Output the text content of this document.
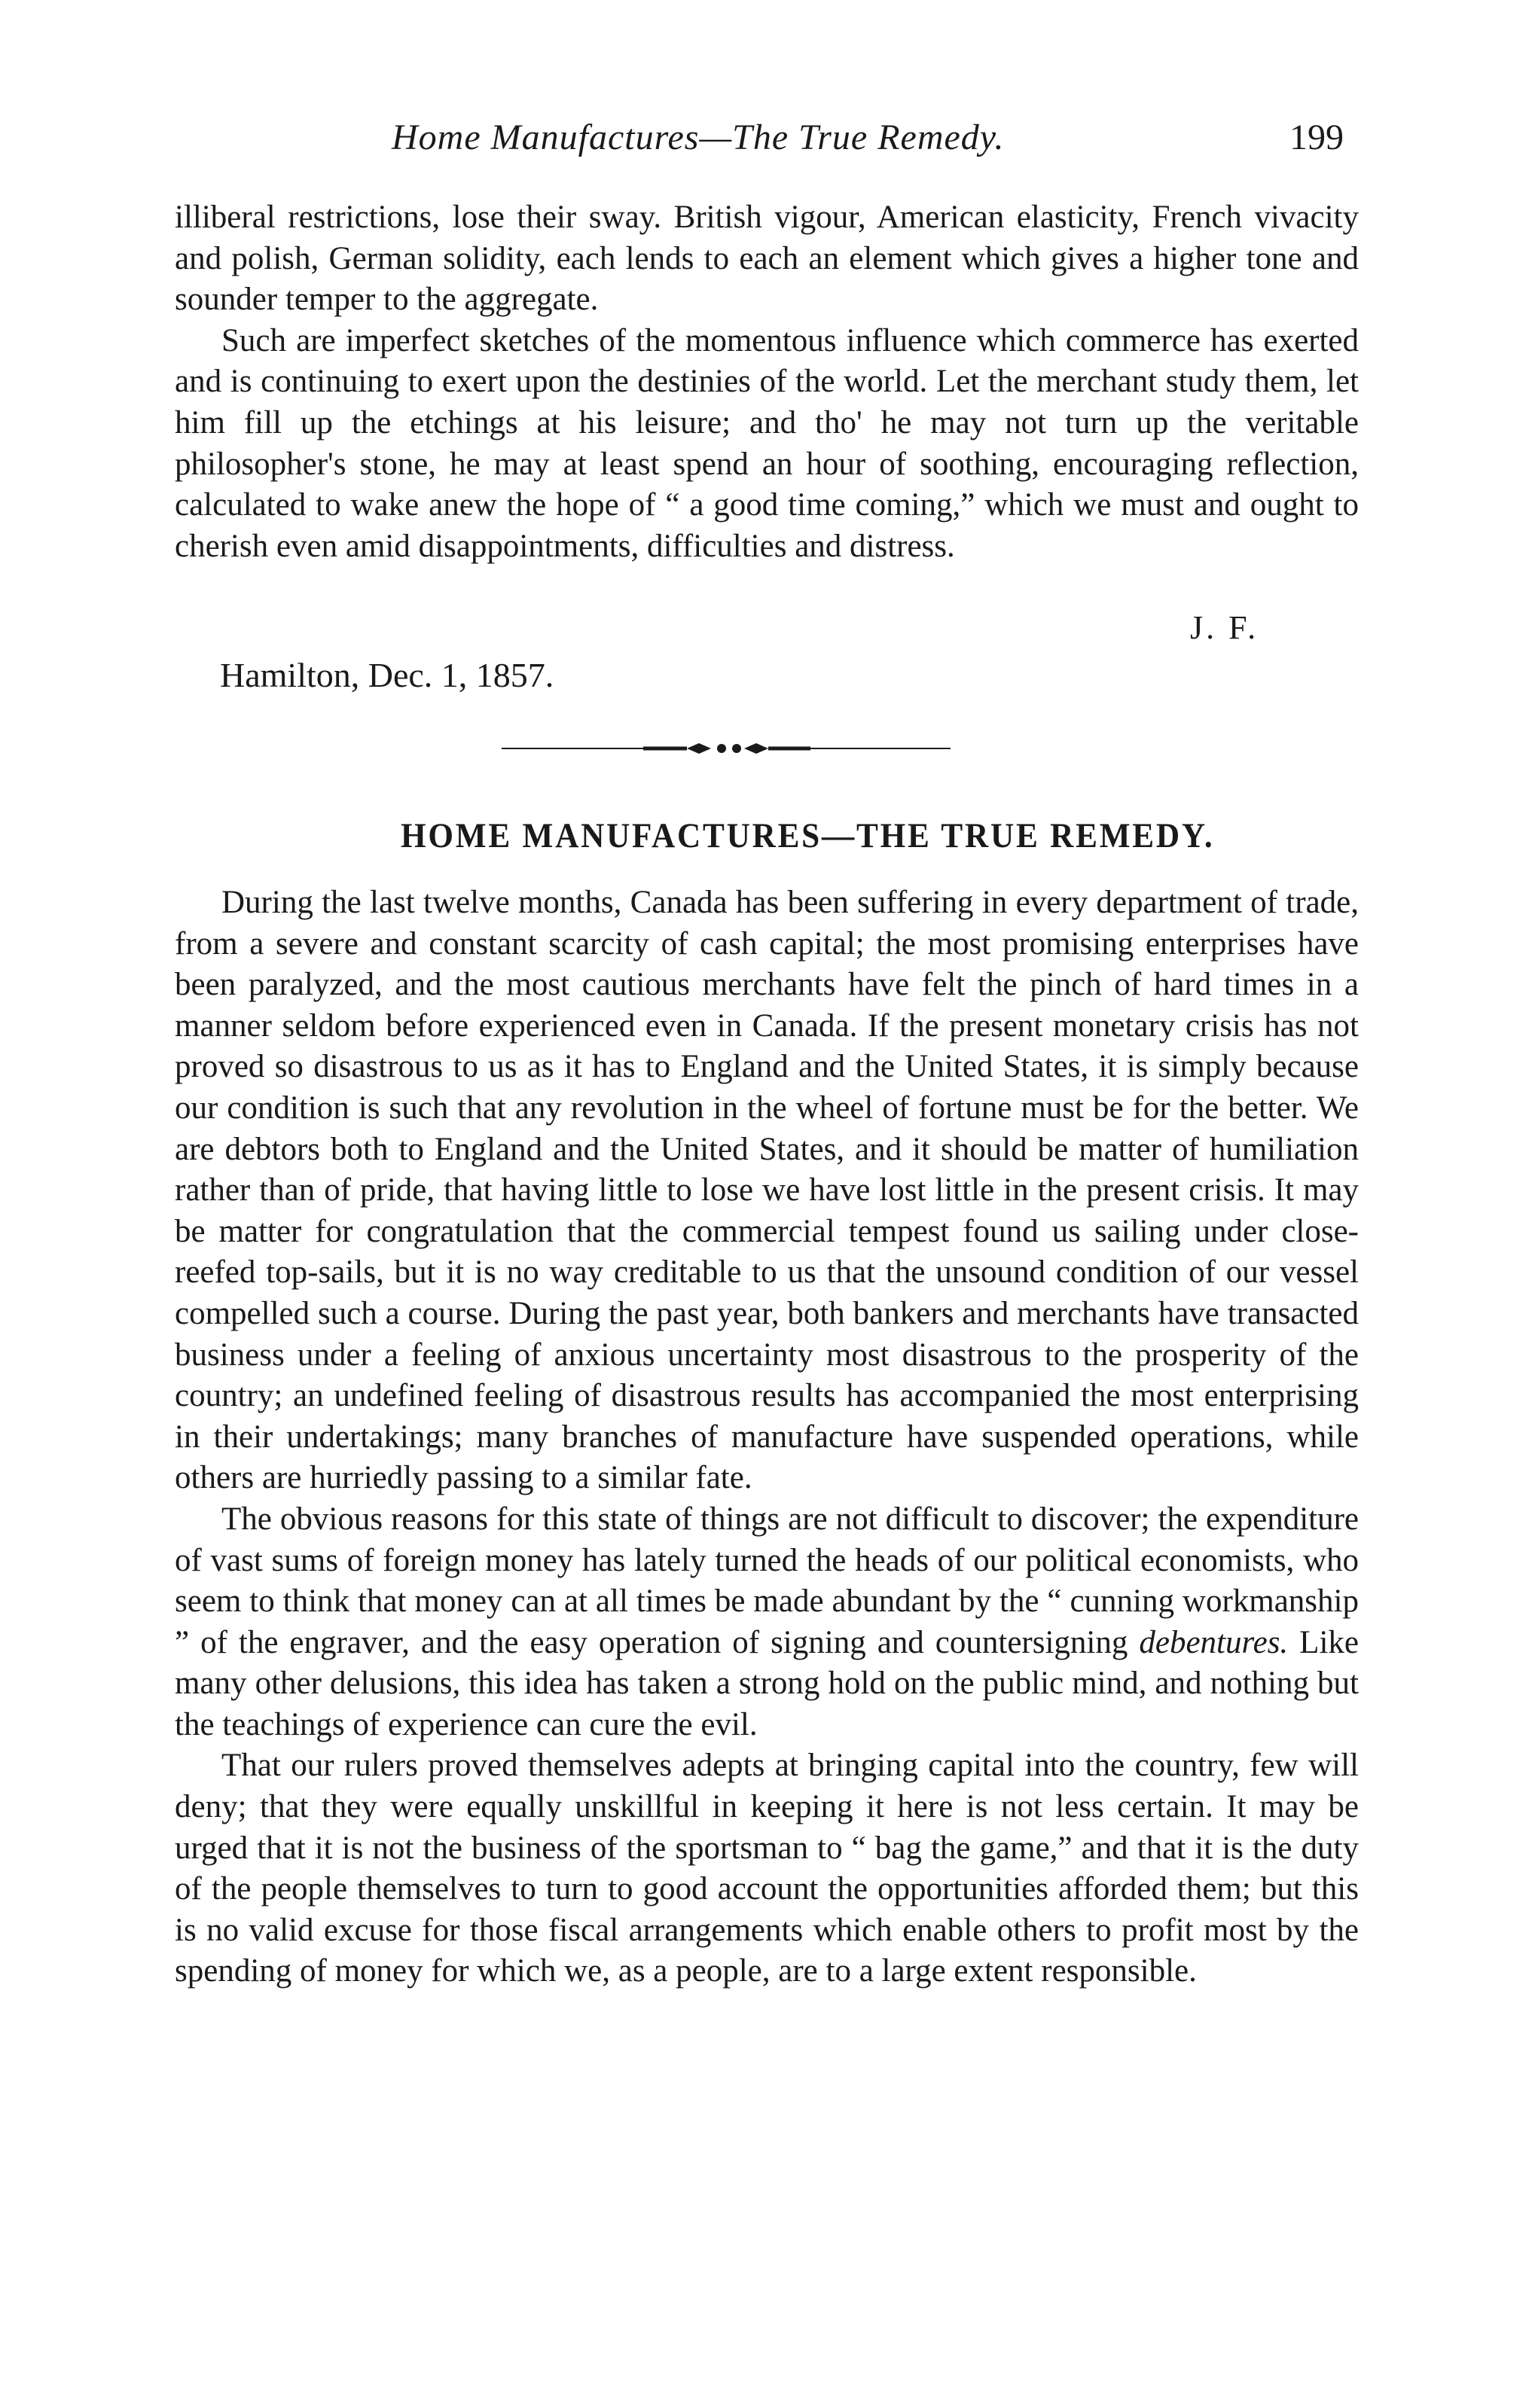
Home Manufactures—The True Remedy.	199

illiberal restrictions, lose their sway. British vigour, American elasticity, French vivacity and polish, German solidity, each lends to each an element which gives a higher tone and sounder temper to the aggregate.

Such are imperfect sketches of the momentous influence which commerce has exerted and is continuing to exert upon the destinies of the world. Let the merchant study them, let him fill up the etchings at his leisure; and tho' he may not turn up the veritable philosopher's stone, he may at least spend an hour of soothing, encouraging reflection, calculated to wake anew the hope of “ a good time coming,” which we must and ought to cherish even amid disappointments, difficulties and distress.

J. F.
Hamilton, Dec. 1, 1857.
HOME MANUFACTURES—THE TRUE REMEDY.

During the last twelve months, Canada has been suffering in every department of trade, from a severe and constant scarcity of cash capital; the most promising enterprises have been paralyzed, and the most cautious merchants have felt the pinch of hard times in a manner seldom before experienced even in Canada. If the present monetary crisis has not proved so disastrous to us as it has to England and the United States, it is simply because our condition is such that any revolution in the wheel of fortune must be for the better. We are debtors both to England and the United States, and it should be matter of humiliation rather than of pride, that having little to lose we have lost little in the present crisis. It may be matter for congratulation that the commercial tempest found us sailing under close-reefed top-sails, but it is no way creditable to us that the unsound condition of our vessel compelled such a course. During the past year, both bankers and merchants have transacted business under a feeling of anxious uncertainty most disastrous to the prosperity of the country; an undefined feeling of disastrous results has accompanied the most enterprising in their undertakings; many branches of manufacture have suspended operations, while others are hurriedly passing to a similar fate.

The obvious reasons for this state of things are not difficult to discover; the expenditure of vast sums of foreign money has lately turned the heads of our political economists, who seem to think that money can at all times be made abundant by the “ cunning workmanship ” of the engraver, and the easy operation of signing and countersigning debentures. Like many other delusions, this idea has taken a strong hold on the public mind, and nothing but the teachings of experience can cure the evil.

That our rulers proved themselves adepts at bringing capital into the country, few will deny; that they were equally unskillful in keeping it here is not less certain. It may be urged that it is not the business of the sportsman to “ bag the game,” and that it is the duty of the people themselves to turn to good account the opportunities afforded them; but this is no valid excuse for those fiscal arrangements which enable others to profit most by the spending of money for which we, as a people, are to a large extent responsible.
